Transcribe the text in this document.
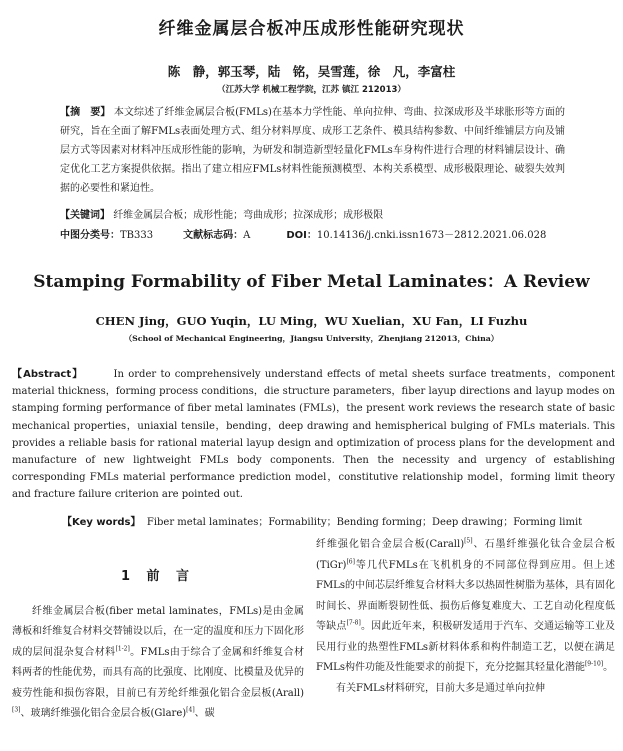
纤维金属层合板冲压成形性能研究现状
陈　静，郭玉琴，陆　铭，吴雪莲，徐　凡，李富柱
（江苏大学 机械工程学院，江苏 镇江 212013）

【摘　要】 本文综述了纤维金属层合板(FMLs)在基本力学性能、单向拉伸、弯曲、拉深成形及半球胀形等方面的研究，旨在全面了解FMLs表面处理方式、组分材料厚度、成形工艺条件、模具结构参数、中间纤维铺层方向及铺层方式等因素对材料冲压成形性能的影响，为研发和制造新型轻量化FMLs车身构件进行合理的材料铺层设计、确定优化工艺方案提供依据。指出了建立相应FMLs材料性能预测模型、本构关系模型、成形极限理论、破裂失效判据的必要性和紧迫性。

【关键词】 纤维金属层合板；成形性能；弯曲成形；拉深成形；成形极限

中图分类号：TB333	文献标志码：A	DOI：10.14136/j.cnki.issn1673－2812.2021.06.028

Stamping Formability of Fiber Metal Laminates：A Review
CHEN Jing，GUO Yuqin，LU Ming，WU Xuelian，XU Fan，LI Fuzhu
（School of Mechanical Engineering，Jiangsu University，Zhenjiang 212013，China）

【Abstract】	In order to comprehensively understand effects of metal sheets surface treatments，component material thickness，forming process conditions，die structure parameters，fiber layup directions and layup modes on stamping forming performance of fiber metal laminates (FMLs)，the present work reviews the research state of basic mechanical properties，uniaxial tensile，bending，deep drawing and hemispherical bulging of FMLs materials. This provides a reliable basis for rational material layup design and optimization of process plans for the development and manufacture of new lightweight FMLs body components. Then the necessity and urgency of establishing corresponding FMLs material performance prediction model，constitutive relationship model，forming limit theory and fracture failure criterion are pointed out.

【Key words】 Fiber metal laminates；Formability；Bending forming；Deep drawing；Forming limit

1 前 言

纤维金属层合板(fiber metal laminates，FMLs)是由金属薄板和纤维复合材料交替铺设以后，在一定的温度和压力下固化形成的层间混杂复合材料[1-2]。FMLs由于综合了金属和纤维复合材料两者的性能优势，而具有高的比强度、比刚度、比模量及优异的疲劳性能和损伤容限，目前已有芳纶纤维强化铝合金层板(Arall)[3]、玻璃纤维强化铝合金层合板(Glare)[4]、碳

纤维强化铝合金层合板(Carall)[5]、石墨纤维强化钛合金层合板(TiGr)[6]等几代FMLs在飞机机身的不同部位得到应用。但上述FMLs的中间芯层纤维复合材料大多以热固性树脂为基体，具有固化时间长、界面断裂韧性低、损伤后修复难度大、工艺自动化程度低等缺点[7-8]。因此近年来，积极研发适用于汽车、交通运输等工业及民用行业的热塑性FMLs新材料体系和构件制造工艺，以便在满足FMLs构件功能及性能要求的前提下，充分挖掘其轻量化潜能[9-10]。

有关FMLs材料研究，目前大多是通过单向拉伸
